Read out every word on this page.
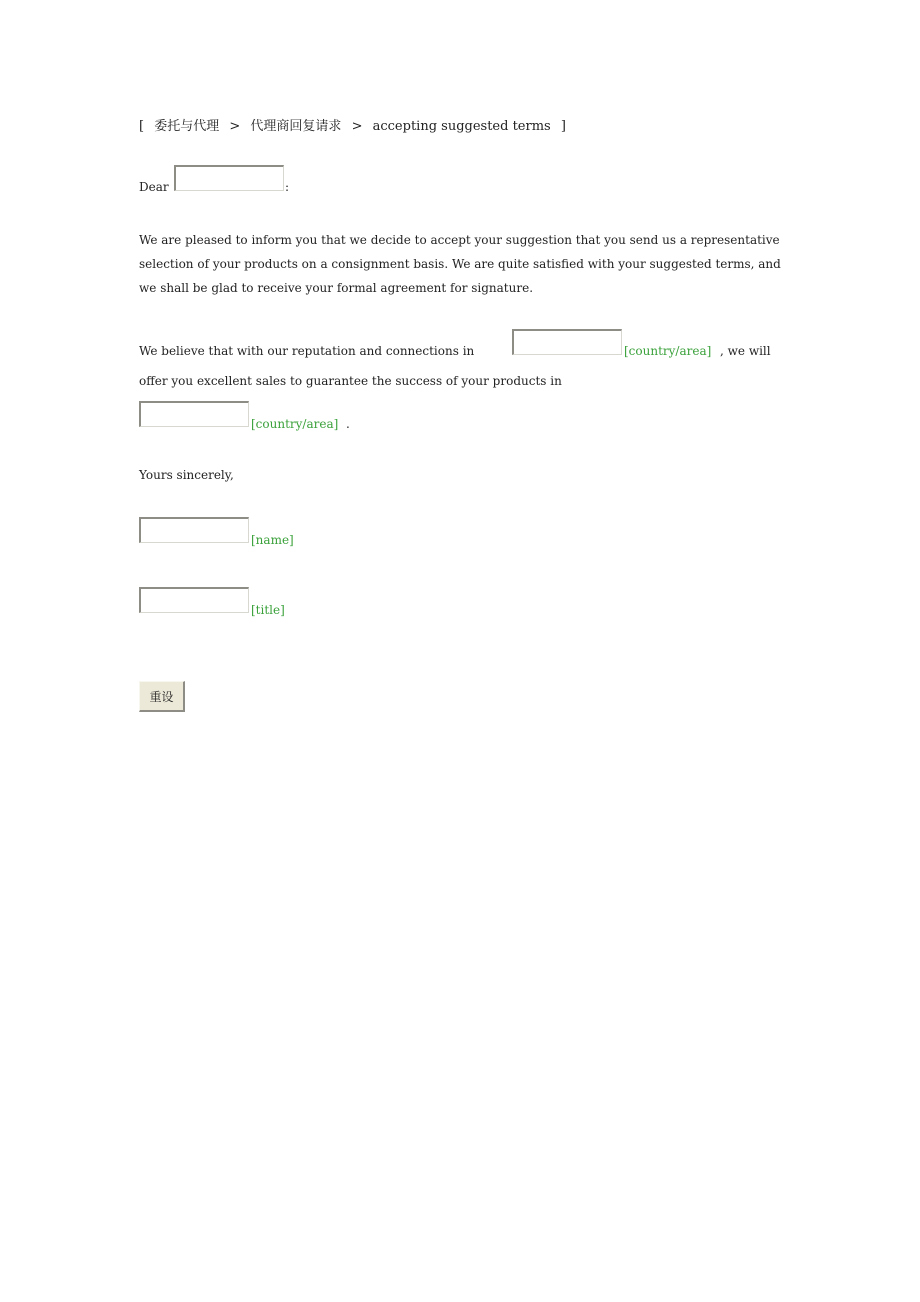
[ 委托与代理 > 代理商回复请求 > accepting suggested terms ]
Dear	:
We are pleased to inform you that we decide to accept your suggestion that you send us a representative selection of your products on a consignment basis. We are quite satisfied with your suggested terms, and we shall be glad to receive your formal agreement for signature.
We believe that with our reputation and connections in	[country/area] , we will
offer you excellent sales to guarantee the success of your products in
[country/area] .
Yours sincerely,
[name]
[title]
重设
